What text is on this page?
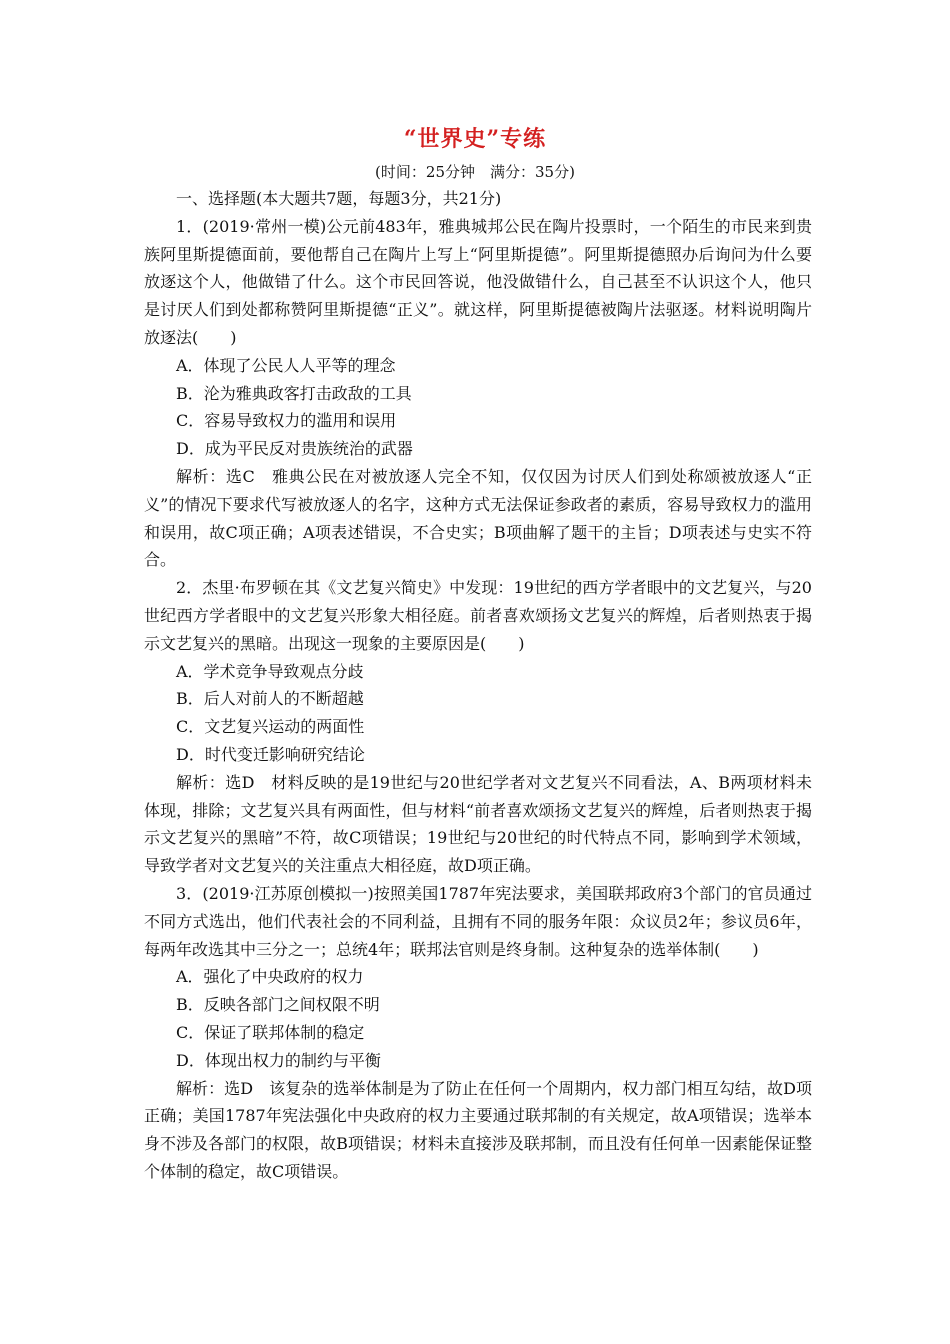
“世界史”专练
(时间：25分钟　满分：35分)
一、选择题(本大题共7题，每题3分，共21分)
1．(2019·常州一模)公元前483年，雅典城邦公民在陶片投票时，一个陌生的市民来到贵族阿里斯提德面前，要他帮自己在陶片上写上“阿里斯提德”。阿里斯提德照办后询问为什么要放逐这个人，他做错了什么。这个市民回答说，他没做错什么，自己甚至不认识这个人，他只是讨厌人们到处都称赞阿里斯提德“正义”。就这样，阿里斯提德被陶片法驱逐。材料说明陶片放逐法(　　)
A．体现了公民人人平等的理念
B．沦为雅典政客打击政敌的工具
C．容易导致权力的滥用和误用
D．成为平民反对贵族统治的武器
解析：选C　雅典公民在对被放逐人完全不知，仅仅因为讨厌人们到处称颂被放逐人“正义”的情况下要求代写被放逐人的名字，这种方式无法保证参政者的素质，容易导致权力的滥用和误用，故C项正确；A项表述错误，不合史实；B项曲解了题干的主旨；D项表述与史实不符合。
2．杰里·布罗顿在其《文艺复兴简史》中发现：19世纪的西方学者眼中的文艺复兴，与20世纪西方学者眼中的文艺复兴形象大相径庭。前者喜欢颂扬文艺复兴的辉煌，后者则热衷于揭示文艺复兴的黑暗。出现这一现象的主要原因是(　　)
A．学术竞争导致观点分歧
B．后人对前人的不断超越
C．文艺复兴运动的两面性
D．时代变迁影响研究结论
解析：选D　材料反映的是19世纪与20世纪学者对文艺复兴不同看法，A、B两项材料未体现，排除；文艺复兴具有两面性，但与材料“前者喜欢颂扬文艺复兴的辉煌，后者则热衷于揭示文艺复兴的黑暗”不符，故C项错误；19世纪与20世纪的时代特点不同，影响到学术领域，导致学者对文艺复兴的关注重点大相径庭，故D项正确。
3．(2019·江苏原创模拟一)按照美国1787年宪法要求，美国联邦政府3个部门的官员通过不同方式选出，他们代表社会的不同利益，且拥有不同的服务年限：众议员2年；参议员6年，每两年改选其中三分之一；总统4年；联邦法官则是终身制。这种复杂的选举体制(　　)
A．强化了中央政府的权力
B．反映各部门之间权限不明
C．保证了联邦体制的稳定
D．体现出权力的制约与平衡
解析：选D　该复杂的选举体制是为了防止在任何一个周期内，权力部门相互勾结，故D项正确；美国1787年宪法强化中央政府的权力主要通过联邦制的有关规定，故A项错误；选举本身不涉及各部门的权限，故B项错误；材料未直接涉及联邦制，而且没有任何单一因素能保证整个体制的稳定，故C项错误。
